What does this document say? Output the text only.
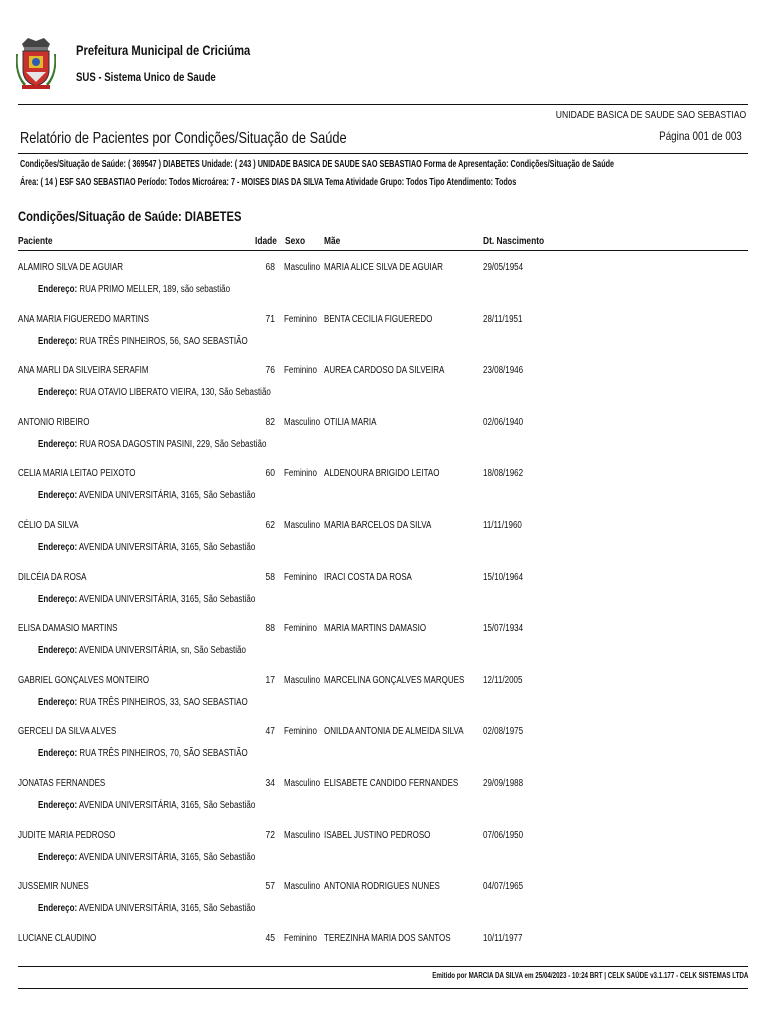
Prefeitura Municipal de Criciúma
SUS - Sistema Unico de Saude
UNIDADE BASICA DE SAUDE SAO SEBASTIAO
Relatório de Pacientes por Condições/Situação de Saúde	Página 001 de 003
Condições/Situação de Saúde: ( 369547 ) DIABETES Unidade: ( 243 ) UNIDADE BASICA DE SAUDE SAO SEBASTIAO Forma de Apresentação: Condições/Situação de Saúde
Área: ( 14 ) ESF SAO SEBASTIAO Período: Todos Microárea: 7 - MOISES DIAS DA SILVA Tema Atividade Grupo: Todos Tipo Atendimento: Todos
Condições/Situação de Saúde: DIABETES
Paciente	Idade Sexo Mãe	Dt. Nascimento
ALAMIRO SILVA DE AGUIAR	68 Masculino MARIA ALICE SILVA DE AGUIAR	29/05/1954
Endereço: RUA PRIMO MELLER, 189, são sebastião
ANA MARIA FIGUEREDO MARTINS	71 Feminino BENTA CECILIA FIGUEREDO	28/11/1951
Endereço: RUA TRÊS PINHEIROS, 56, SAO SEBASTIÃO
ANA MARLI DA SILVEIRA SERAFIM	76 Feminino AUREA CARDOSO DA SILVEIRA	23/08/1946
Endereço: RUA OTAVIO LIBERATO VIEIRA, 130, São Sebastião
ANTONIO RIBEIRO	82 Masculino OTILIA MARIA	02/06/1940
Endereço: RUA ROSA DAGOSTIN PASINI, 229, São Sebastião
CELIA MARIA LEITAO PEIXOTO	60 Feminino ALDENOURA BRIGIDO LEITAO	18/08/1962
Endereço: AVENIDA UNIVERSITÁRIA, 3165, São Sebastião
CÉLIO DA SILVA	62 Masculino MARIA BARCELOS DA SILVA	11/11/1960
Endereço: AVENIDA UNIVERSITÁRIA, 3165, São Sebastião
DILCÉIA DA ROSA	58 Feminino IRACI COSTA DA ROSA	15/10/1964
Endereço: AVENIDA UNIVERSITÁRIA, 3165, São Sebastião
ELISA DAMASIO MARTINS	88 Feminino MARIA MARTINS DAMASIO	15/07/1934
Endereço: AVENIDA UNIVERSITÁRIA, sn, São Sebastião
GABRIEL GONÇALVES MONTEIRO	17 Masculino MARCELINA GONÇALVES MARQUES 12/11/2005
Endereço: RUA TRÊS PINHEIROS, 33, SAO SEBASTIAO
GERCELI DA SILVA ALVES	47 Feminino ONILDA ANTONIA DE ALMEIDA SILVA 02/08/1975
Endereço: RUA TRÊS PINHEIROS, 70, SÃO SEBASTIÃO
JONATAS FERNANDES	34 Masculino ELISABETE CANDIDO FERNANDES 29/09/1988
Endereço: AVENIDA UNIVERSITÁRIA, 3165, São Sebastião
JUDITE MARIA PEDROSO	72 Masculino ISABEL JUSTINO PEDROSO	07/06/1950
Endereço: AVENIDA UNIVERSITÁRIA, 3165, São Sebastião
JUSSEMIR NUNES	57 Masculino ANTONIA RODRIGUES NUNES	04/07/1965
Endereço: AVENIDA UNIVERSITÁRIA, 3165, São Sebastião
LUCIANE CLAUDINO	45 Feminino TEREZINHA MARIA DOS SANTOS	10/11/1977
Emitido por MARCIA DA SILVA em 25/04/2023 - 10:24 BRT | CELK SAÚDE v3.1.177 - CELK SISTEMAS LTDA
